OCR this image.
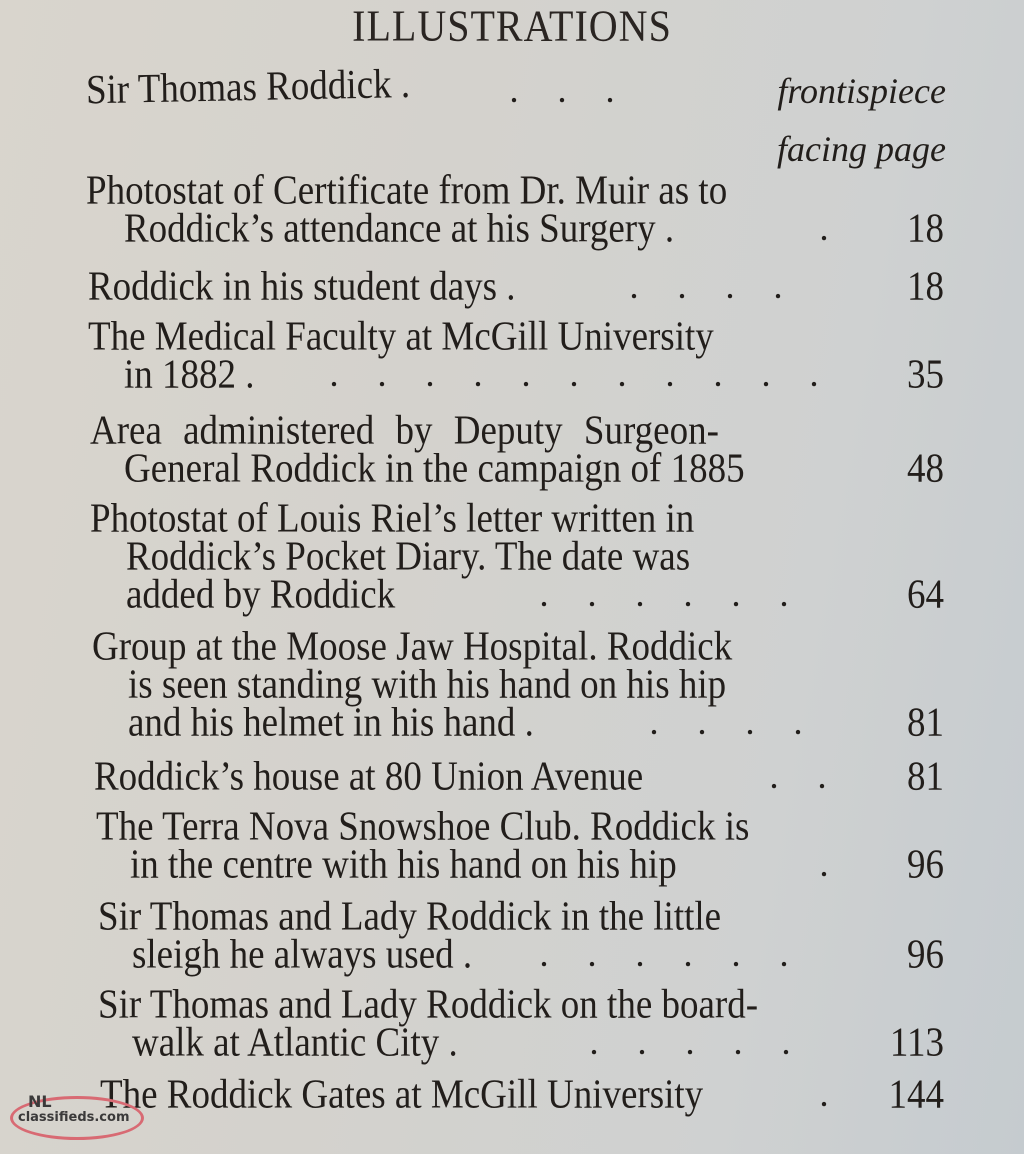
ILLUSTRATIONS
Sir Thomas Roddick .	. . .	frontispiece
facing page
Photostat of Certificate from Dr. Muir as to
Roddick’s attendance at his Surgery .	.	18
Roddick in his student days .	. . . .	18
The Medical Faculty at McGill University
in 1882 .	. . . . . . . . . . .	35
Area administered by Deputy Surgeon-
General Roddick in the campaign of 1885	48
Photostat of Louis Riel’s letter written in
Roddick’s Pocket Diary. The date was
added by Roddick	. . . . . .	64
Group at the Moose Jaw Hospital. Roddick
is seen standing with his hand on his hip
and his helmet in his hand .	. . . .	81
Roddick’s house at 80 Union Avenue	. .	81
The Terra Nova Snowshoe Club. Roddick is
in the centre with his hand on his hip	.	96
Sir Thomas and Lady Roddick in the little
sleigh he always used .	. . . . . .	96
Sir Thomas and Lady Roddick on the board-
walk at Atlantic City .	. . . . .	113
The Roddick Gates at McGill University	.	144
NL
classifieds.com
